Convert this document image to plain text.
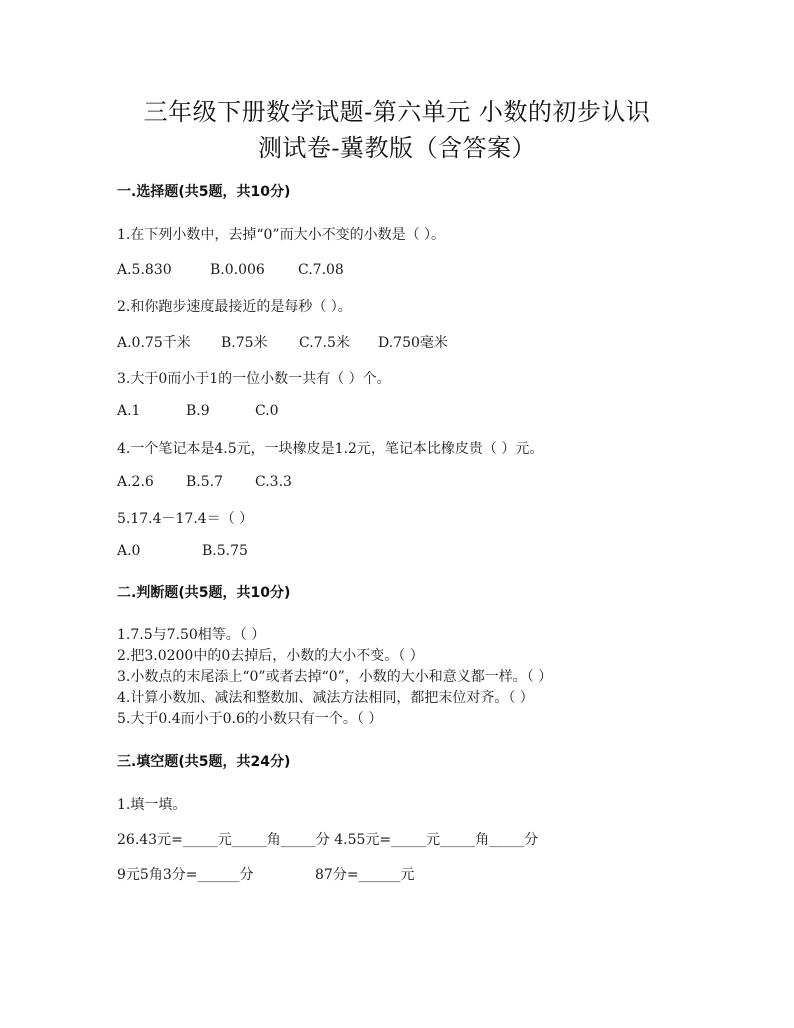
三年级下册数学试题-第六单元 小数的初步认识
测试卷-冀教版（含答案）
一.选择题(共5题，共10分)
1.在下列小数中，去掉“0”而大小不变的小数是（ ）。
A.5.830	B.0.006 C.7.08
2.和你跑步速度最接近的是每秒（ ）。
A.0.75千米 B.75米 C.7.5米 D.750毫米
3.大于0而小于1的一位小数一共有（ ）个。
A.1	B.9	C.0
4.一个笔记本是4.5元，一块橡皮是1.2元，笔记本比橡皮贵（ ）元。
A.2.6 B.5.7 C.3.3
5.17.4－17.4＝（ ）
A.0	B.5.75
二.判断题(共5题，共10分)
1.7.5与7.50相等。（ ）
2.把3.0200中的0去掉后，小数的大小不变。（ ）
3.小数点的末尾添上“0”或者去掉“0”，小数的大小和意义都一样。（ ）
4.计算小数加、减法和整数加、减法方法相同，都把末位对齐。（ ）
5.大于0.4而小于0.6的小数只有一个。（ ）
三.填空题(共5题，共24分)
1.填一填。
26.43元=_____元_____角_____分 4.55元=_____元_____角_____分
9元5角3分=______分	87分=______元
